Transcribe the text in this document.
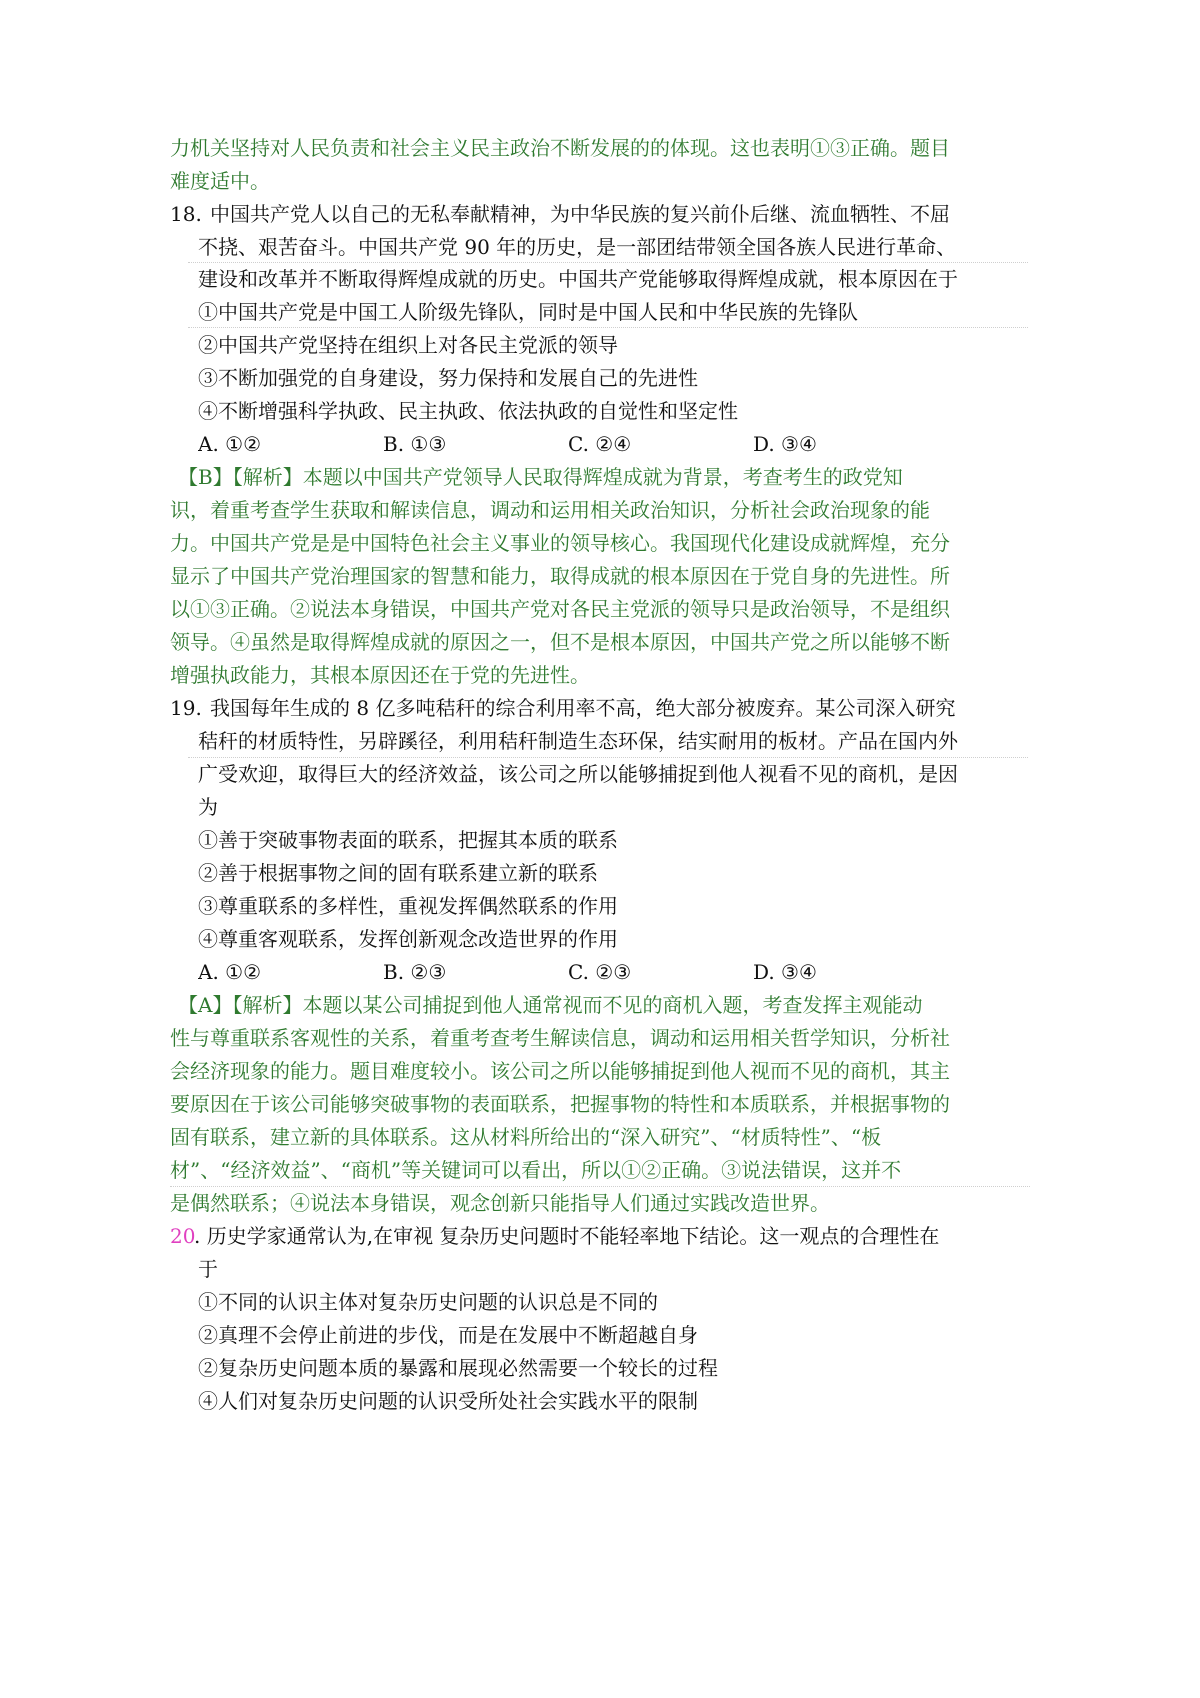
力机关坚持对人民负责和社会主义民主政治不断发展的的体现。这也表明①③正确。题目
难度适中。
18. 中国共产党人以自己的无私奉献精神，为中华民族的复兴前仆后继、流血牺牲、不屈
不挠、艰苦奋斗。中国共产党 90 年的历史，是一部团结带领全国各族人民进行革命、
建设和改革并不断取得辉煌成就的历史。中国共产党能够取得辉煌成就，根本原因在于
①中国共产党是中国工人阶级先锋队，同时是中国人民和中华民族的先锋队
②中国共产党坚持在组织上对各民主党派的领导
③不断加强党的自身建设，努力保持和发展自己的先进性
④不断增强科学执政、民主执政、依法执政的自觉性和坚定性
A. ①②	B. ①③	C. ②④	D. ③④
【B】【解析】本题以中国共产党领导人民取得辉煌成就为背景，考查考生的政党知
识，着重考查学生获取和解读信息，调动和运用相关政治知识，分析社会政治现象的能
力。中国共产党是是中国特色社会主义事业的领导核心。我国现代化建设成就辉煌，充分
显示了中国共产党治理国家的智慧和能力，取得成就的根本原因在于党自身的先进性。所
以①③正确。②说法本身错误，中国共产党对各民主党派的领导只是政治领导，不是组织
领导。④虽然是取得辉煌成就的原因之一，但不是根本原因，中国共产党之所以能够不断
增强执政能力，其根本原因还在于党的先进性。
19. 我国每年生成的 8 亿多吨秸秆的综合利用率不高，绝大部分被废弃。某公司深入研究
秸秆的材质特性，另辟蹊径，利用秸秆制造生态环保，结实耐用的板材。产品在国内外
广受欢迎，取得巨大的经济效益，该公司之所以能够捕捉到他人视看不见的商机，是因
为
①善于突破事物表面的联系，把握其本质的联系
②善于根据事物之间的固有联系建立新的联系
③尊重联系的多样性，重视发挥偶然联系的作用
④尊重客观联系，发挥创新观念改造世界的作用
A. ①②	B. ②③	C. ②③	D. ③④
【A】【解析】本题以某公司捕捉到他人通常视而不见的商机入题，考查发挥主观能动
性与尊重联系客观性的关系，着重考查考生解读信息，调动和运用相关哲学知识，分析社
会经济现象的能力。题目难度较小。该公司之所以能够捕捉到他人视而不见的商机，其主
要原因在于该公司能够突破事物的表面联系，把握事物的特性和本质联系，并根据事物的
固有联系，建立新的具体联系。这从材料所给出的“深入研究”、“材质特性”、“板
材”、“经济效益”、“商机”等关键词可以看出，所以①②正确。③说法错误，这并不
是偶然联系；④说法本身错误，观念创新只能指导人们通过实践改造世界。
20
. 历史学家通常认为,在审视 复杂历史问题时不能轻率地下结论。这一观点的合理性在
于
①不同的认识主体对复杂历史问题的认识总是不同的
②真理不会停止前进的步伐，而是在发展中不断超越自身
②复杂历史问题本质的暴露和展现必然需要一个较长的过程
④人们对复杂历史问题的认识受所处社会实践水平的限制
